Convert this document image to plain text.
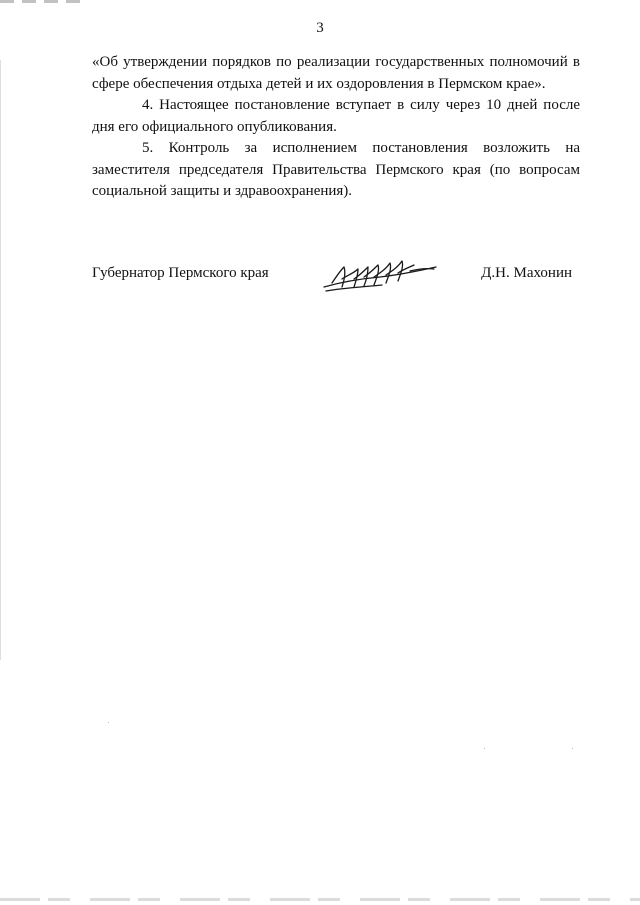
3

«Об утверждении порядков по реализации государственных полномочий в сфере обеспечения отдыха детей и их оздоровления в Пермском крае».

4. Настоящее постановление вступает в силу через 10 дней после дня его официального опубликования.

5. Контроль за исполнением постановления возложить на заместителя председателя Правительства Пермского края (по вопросам социальной защиты и здравоохранения).

Губернатор Пермского края	Д.Н. Махонин
